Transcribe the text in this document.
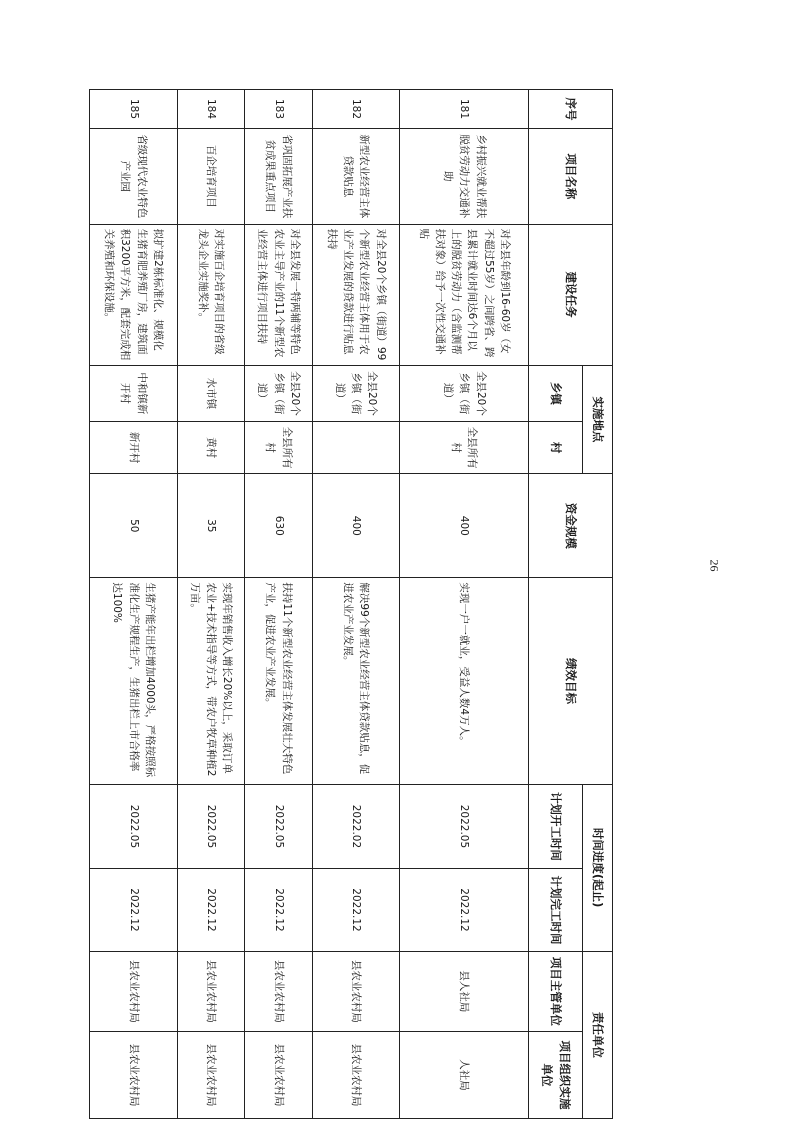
序号	项目名称	建设任务	实施地点		资金规模	绩效目标	时间进度(起止)		责任单位	
			乡镇	村			计划开工时间	计划完工时间	项目主管单位	项目组织实施单位
181	乡村振兴就业帮扶脱贫劳动力交通补助	对全县年龄到16-60岁（女不超过55岁）之间跨省、跨县累计就业时间达6个月以上的脱贫劳动力（含监测帮扶对象）给予一次性交通补贴	全县20个乡镇（街道）	全县所有村	400	实现一户一就业，受益人数4万人。	2022.05	2022.12	县人社局	人社局
182	新型农业经营主体贷款贴息	对全县20个乡镇（街道）99个新型农业经营主体用于农业产业发展的贷款进行贴息扶持	全县20个乡镇（街道）		400	解决99个新型农业经营主体贷款贴息，促进农业产业发展。	2022.02	2022.12	县农业农村局	县农业农村局
183	省巩固拓展产业扶贫成果重点项目	对全县发展一特两辅等特色农业主导产业的11个新型农业经营主体进行项目扶持	全县20个乡镇（街道）	全县所有村	630	扶持11个新型农业经营主体发展壮大特色产业，促进农业产业发展。	2022.05	2022.12	县农业农村局	县农业农村局
184	百企培育项目	对实施百企培育项目的省级龙头企业实施奖补。	水市镇	黄村	35	实现年销售收入增长20%以上，采取订单农业+技术指导等方式，带农户牧草种植2万亩。	2022.05	2022.12	县农业农村局	县农业农村局
185	省级现代农业特色产业园	拟扩建2栋标准化、规模化生猪育肥养殖厂房，建筑面积3200平方米，配套完成相关养殖和环保设施。	中和镇新开村	新开村	50	生猪产能年出栏增加4000头，严格按照标准化生产规程生产，生猪出栏上市合格率达100%	2022.05	2022.12	县农业农村局	县农业农村局
26
